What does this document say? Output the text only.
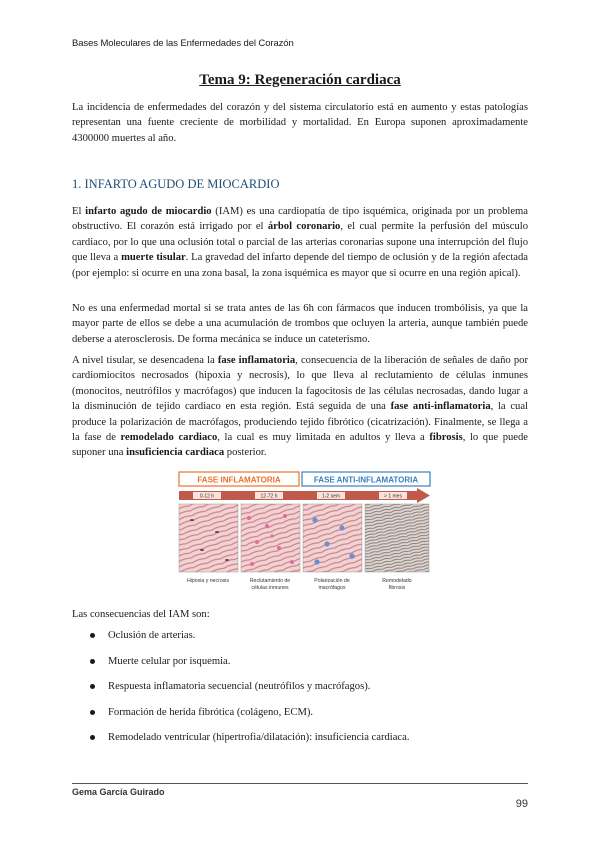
Bases Moleculares de las Enfermedades del Corazón
Tema 9: Regeneración cardiaca
La incidencia de enfermedades del corazón y del sistema circulatorio está en aumento y estas patologías representan una fuente creciente de morbilidad y mortalidad. En Europa suponen aproximadamente 4300000 muertes al año.
1. INFARTO AGUDO DE MIOCARDIO
El infarto agudo de miocardio (IAM) es una cardiopatía de tipo isquémica, originada por un problema obstructivo. El corazón está irrigado por el árbol coronario, el cual permite la perfusión del músculo cardiaco, por lo que una oclusión total o parcial de las arterias coronarias supone una interrupción del flujo que lleva a muerte tisular. La gravedad del infarto depende del tiempo de oclusión y de la región afectada (por ejemplo: si ocurre en una zona basal, la zona isquémica es mayor que si ocurre en una región apical).
No es una enfermedad mortal si se trata antes de las 6h con fármacos que inducen trombólisis, ya que la mayor parte de ellos se debe a una acumulación de trombos que ocluyen la arteria, aunque también puede deberse a aterosclerosis. De forma mecánica se induce un cateterismo.
A nivel tisular, se desencadena la fase inflamatoria, consecuencia de la liberación de señales de daño por cardiomiocitos necrosados (hipoxia y necrosis), lo que lleva al reclutamiento de células inmunes (monocitos, neutrófilos y macrófagos) que inducen la fagocitosis de las células necrosadas, dando lugar a la disminución de tejido cardiaco en esta región. Está seguida de una fase anti-inflamatoria, la cual produce la polarización de macrófagos, produciendo tejido fibrótico (cicatrización). Finalmente, se llega a la fase de remodelado cardiaco, la cual es muy limitada en adultos y lleva a fibrosis, lo que puede suponer una insuficiencia cardiaca posterior.
FASE INFLAMATORIA	FASE ANTI-INFLAMATORIA
0-12 h	12-72 h	1-2 sem	> 1 mes
Hipoxia y necrosis	Reclutamiento de
células inmunes
Polarización de
macrófagos
Remodelado
fibrosis
Las consecuencias del IAM son:
Oclusión de arterias.
Muerte celular por isquemia.
Respuesta inflamatoria secuencial (neutrófilos y macrófagos).
Formación de herida fibrótica (colágeno, ECM).
Remodelado ventricular (hipertrofia/dilatación): insuficiencia cardiaca.
Gema García Guirado
99
